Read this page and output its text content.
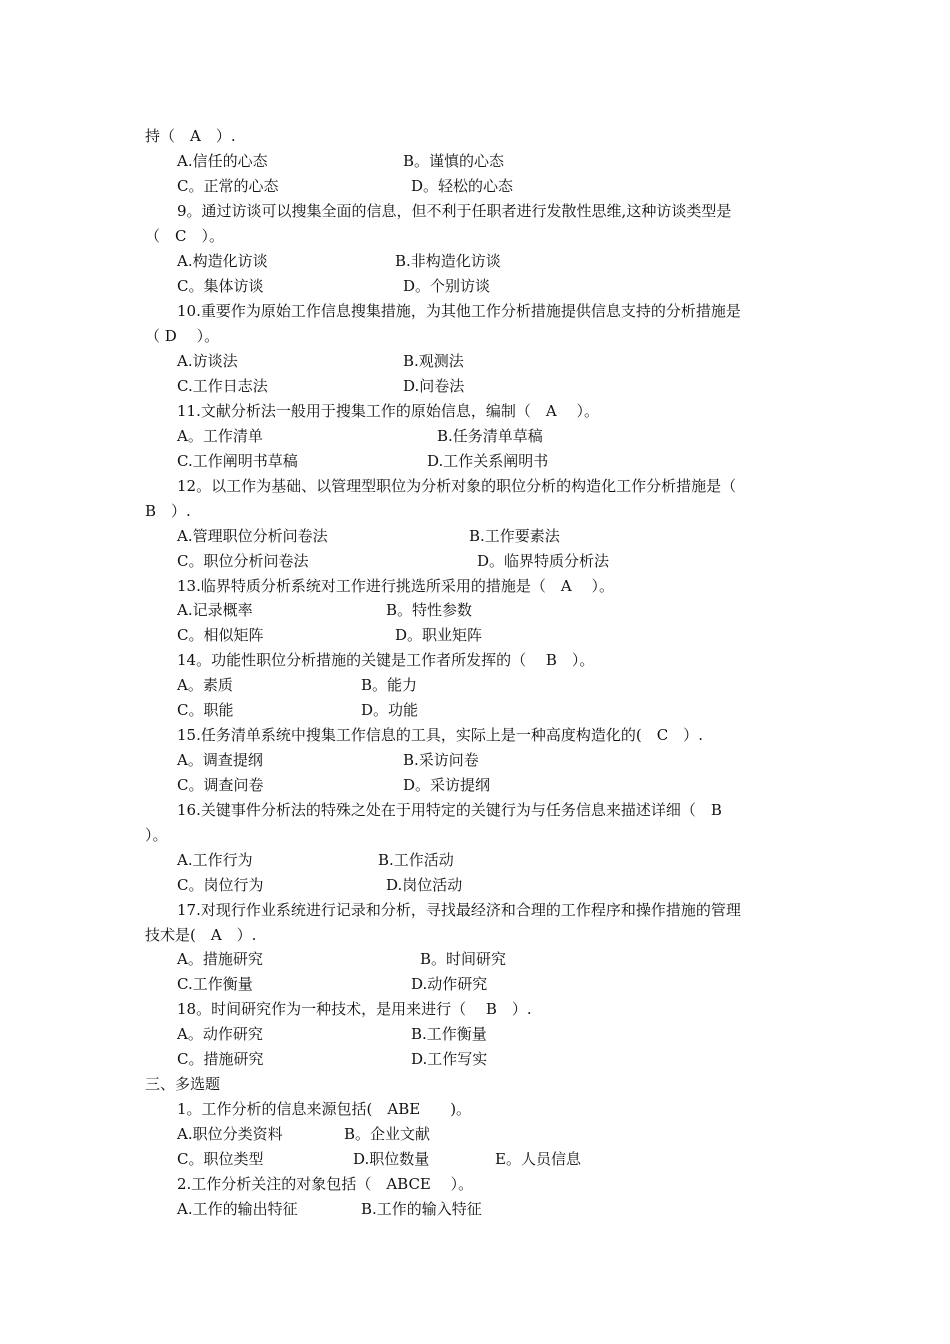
持（　A　）.
A.信任的心态	B。谨慎的心态
C。正常的心态	D。轻松的心态
9。通过访谈可以搜集全面的信息，但不利于任职者进行发散性思维,这种访谈类型是
（　C　）。
A.构造化访谈	B.非构造化访谈
C。集体访谈	D。个别访谈
10.重要作为原始工作信息搜集措施，为其他工作分析措施提供信息支持的分析措施是
（ D　 ）。
A.访谈法	B.观测法
C.工作日志法	D.问卷法
11.文献分析法一般用于搜集工作的原始信息，编制（　A　 ）。
A。工作清单	B.任务清单草稿
C.工作阐明书草稿	D.工作关系阐明书
12。以工作为基础、以管理型职位为分析对象的职位分析的构造化工作分析措施是（
B　）.
A.管理职位分析问卷法	B.工作要素法
C。职位分析问卷法	D。临界特质分析法
13.临界特质分析系统对工作进行挑选所采用的措施是（　A　 ）。
A.记录概率	B。特性参数
C。相似矩阵	D。职业矩阵
14。功能性职位分析措施的关键是工作者所发挥的（　 B　）。
A。素质	B。能力
C。职能	D。功能
15.任务清单系统中搜集工作信息的工具，实际上是一种高度构造化的(　C　）.
A。调查提纲	B.采访问卷
C。调查问卷	D。采访提纲
16.关键事件分析法的特殊之处在于用特定的关键行为与任务信息来描述详细（　B
）。
A.工作行为	B.工作活动
C。岗位行为	D.岗位活动
17.对现行作业系统进行记录和分析，寻找最经济和合理的工作程序和操作措施的管理
技术是(　A　）.
A。措施研究	B。时间研究
C.工作衡量	D.动作研究
18。时间研究作为一种技术，是用来进行（　 B　）.
A。动作研究	B.工作衡量
C。措施研究	D.工作写实
三、多选题
1。工作分析的信息来源包括(　ABE　　)。
A.职位分类资料	B。企业文献
C。职位类型	D.职位数量	E。人员信息
2.工作分析关注的对象包括（　ABCE　 ）。
A.工作的输出特征	B.工作的输入特征
